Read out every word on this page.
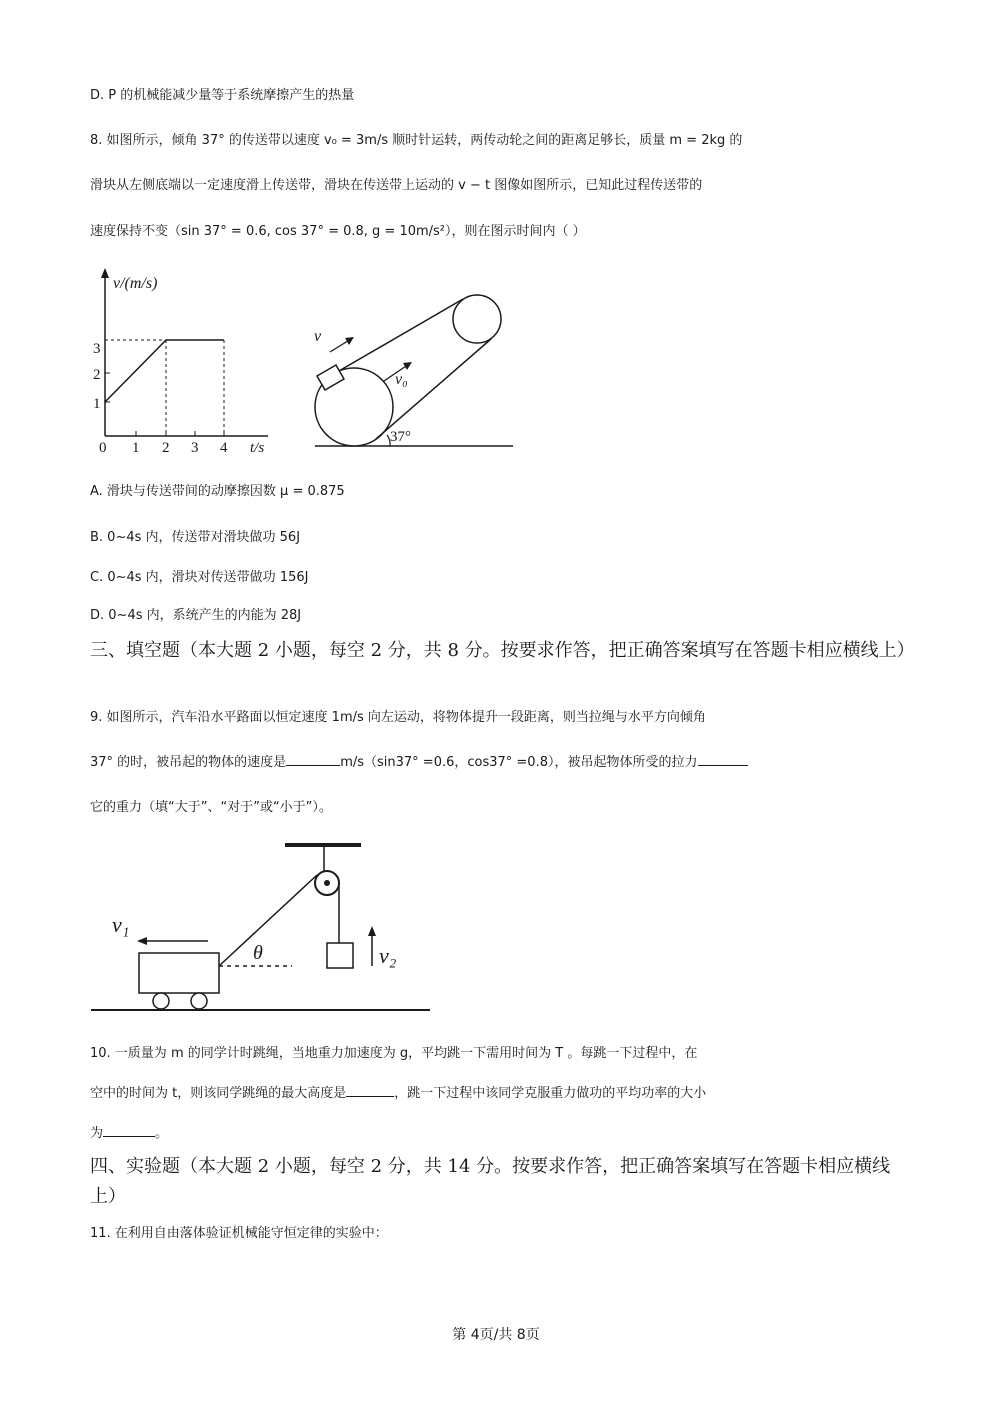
D. P 的机械能减少量等于系统摩擦产生的热量

8. 如图所示，倾角 37° 的传送带以速度 v₀ = 3m/s 顺时针运转，两传动轮之间的距离足够长，质量 m = 2kg 的

滑块从左侧底端以一定速度滑上传送带，滑块在传送带上运动的 v − t 图像如图所示，已知此过程传送带的

速度保持不变（sin 37° = 0.6, cos 37° = 0.8, g = 10m/s²），则在图示时间内（ ）

v/(m/s)
3
2
1
0 1 2 3 4 t/s
v
v₀
37°

A. 滑块与传送带间的动摩擦因数 μ = 0.875

B. 0~4s 内，传送带对滑块做功 56J

C. 0~4s 内，滑块对传送带做功 156J

D. 0~4s 内，系统产生的内能为 28J

三、填空题（本大题 2 小题，每空 2 分，共 8 分。按要求作答，把正确答案填写在答题卡相应横线上）

9. 如图所示，汽车沿水平路面以恒定速度 1m/s 向左运动，将物体提升一段距离，则当拉绳与水平方向倾角

37° 的时，被吊起的物体的速度是	m/s（sin37° =0.6，cos37° =0.8），被吊起物体所受的拉力

它的重力（填“大于”、“对于”或“小于”）。

v₂
θ
v₁

10. 一质量为 m 的同学计时跳绳，当地重力加速度为 g，平均跳一下需用时间为 T 。每跳一下过程中，在

空中的时间为 t，则该同学跳绳的最大高度是	，跳一下过程中该同学克服重力做功的平均功率的大小

为	。

四、实验题（本大题 2 小题，每空 2 分，共 14 分。按要求作答，把正确答案填写在答题卡相应横线上）

11. 在利用自由落体验证机械能守恒定律的实验中：

第 4页/共 8页
